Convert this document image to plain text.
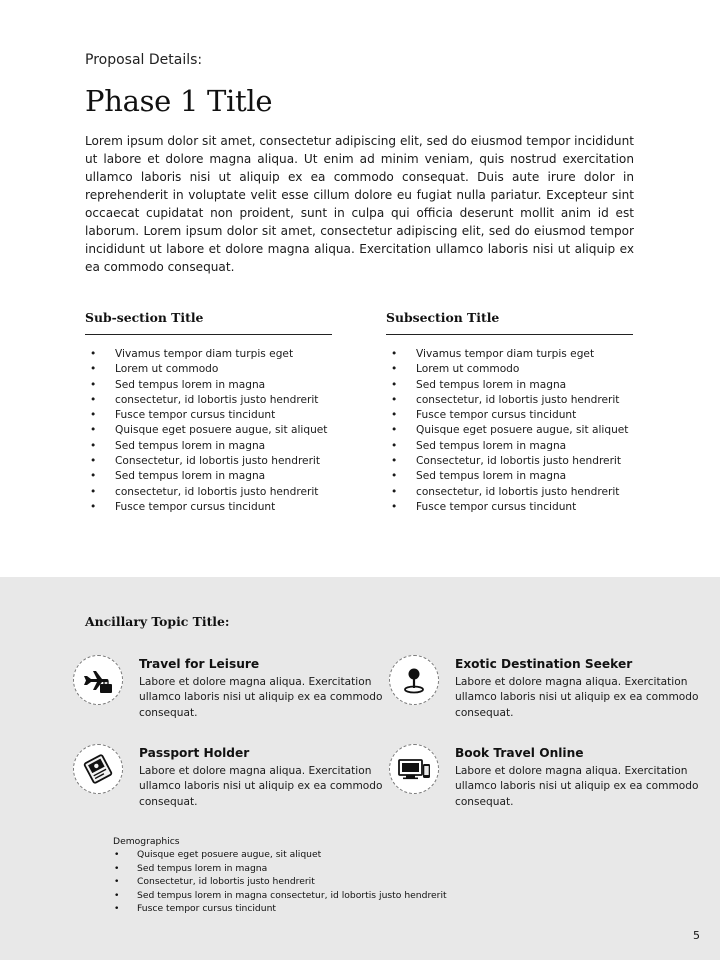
Proposal Details:
Phase 1 Title

Lorem ipsum dolor sit amet, consectetur adipiscing elit, sed do eiusmod tempor incididunt ut labore et dolore magna aliqua. Ut enim ad minim veniam, quis nostrud exercitation ullamco laboris nisi ut aliquip ex ea commodo consequat. Duis aute irure dolor in reprehenderit in voluptate velit esse cillum dolore eu fugiat nulla pariatur. Excepteur sint occaecat cupidatat non proident, sunt in culpa qui officia deserunt mollit anim id est laborum. Lorem ipsum dolor sit amet, consectetur adipiscing elit, sed do eiusmod tempor incididunt ut labore et dolore magna aliqua. Exercitation ullamco laboris nisi ut aliquip ex ea commodo consequat.

Sub-section Title
• Vivamus tempor diam turpis eget
• Lorem ut commodo
• Sed tempus lorem in magna
• consectetur, id lobortis justo hendrerit
• Fusce tempor cursus tincidunt
• Quisque eget posuere augue, sit aliquet
• Sed tempus lorem in magna
• Consectetur, id lobortis justo hendrerit
• Sed tempus lorem in magna
• consectetur, id lobortis justo hendrerit
• Fusce tempor cursus tincidunt
Subsection Title
• Vivamus tempor diam turpis eget
• Lorem ut commodo
• Sed tempus lorem in magna
• consectetur, id lobortis justo hendrerit
• Fusce tempor cursus tincidunt
• Quisque eget posuere augue, sit aliquet
• Sed tempus lorem in magna
• Consectetur, id lobortis justo hendrerit
• Sed tempus lorem in magna
• consectetur, id lobortis justo hendrerit
• Fusce tempor cursus tincidunt
Ancillary Topic Title:
Travel for Leisure

Labore et dolore magna aliqua. Exercitation ullamco laboris nisi ut aliquip ex ea commodo consequat.

Exotic Destination Seeker

Labore et dolore magna aliqua. Exercitation ullamco laboris nisi ut aliquip ex ea commodo consequat.

Passport Holder

Labore et dolore magna aliqua. Exercitation ullamco laboris nisi ut aliquip ex ea commodo consequat.

Book Travel Online

Labore et dolore magna aliqua. Exercitation ullamco laboris nisi ut aliquip ex ea commodo consequat.

Demographics
• Quisque eget posuere augue, sit aliquet
• Sed tempus lorem in magna
• Consectetur, id lobortis justo hendrerit
• Sed tempus lorem in magna consectetur, id lobortis justo hendrerit
• Fusce tempor cursus tincidunt
5
